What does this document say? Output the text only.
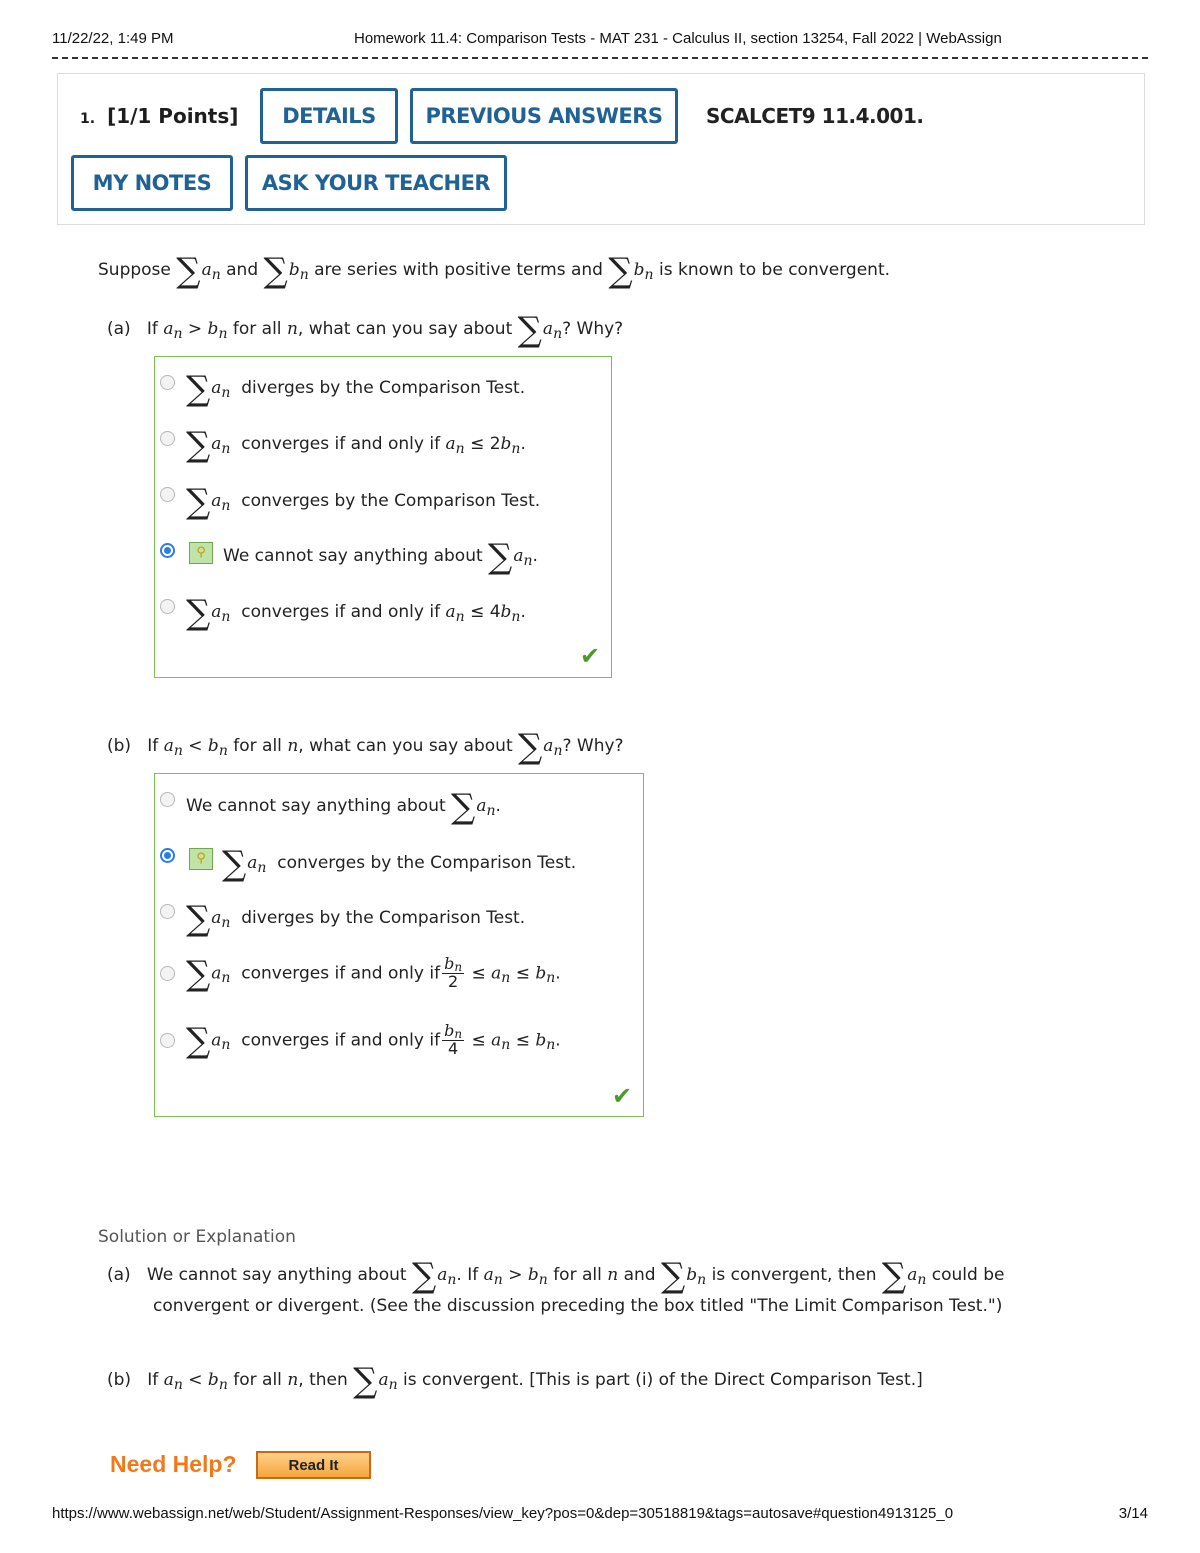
11/22/22, 1:49 PM	Homework 11.4: Comparison Tests - MAT 231 - Calculus II, section 13254, Fall 2022 | WebAssign
1. [1/1 Points]	DETAILS	PREVIOUS ANSWERS	SCALCET9 11.4.001.
MY NOTES	ASK YOUR TEACHER
Suppose $\sum a_n$ and $\sum b_n$ are series with positive terms and $\sum b_n$ is known to be convergent.
(a) If $a_n > b_n$ for all n, what can you say about $\sum a_n$? Why?
$\sum a_n$ diverges by the Comparison Test.
$\sum a_n$ converges if and only if $a_n \le 2b_n$.
$\sum a_n$ converges by the Comparison Test.
⚲	We cannot say anything about $\sum a_n$.
$\sum a_n$ converges if and only if $a_n \le 4b_n$.
✔
(b) If $a_n < b_n$ for all n, what can you say about $\sum a_n$? Why?
We cannot say anything about $\sum a_n$.
⚲ $\sum a_n$ converges by the Comparison Test.
$\sum a_n$ diverges by the Comparison Test.
$\sum a_n$ converges if and only if $\frac{b_n}{2} \le a_n \le b_n$.
$\sum a_n$ converges if and only if $\frac{b_n}{4} \le a_n \le b_n$.
✔
Solution or Explanation
(a) We cannot say anything about $\sum a_n$. If $a_n > b_n$ for all n and $\sum b_n$ is convergent, then $\sum a_n$ could be
convergent or divergent. (See the discussion preceding the box titled "The Limit Comparison Test.")
(b) If $a_n < b_n$ for all n, then $\sum a_n$ is convergent. [This is part (i) of the Direct Comparison Test.]
Need Help?	Read It
https://www.webassign.net/web/Student/Assignment-Responses/view_key?pos=0&dep=30518819&tags=autosave#question4913125_0	3/14
